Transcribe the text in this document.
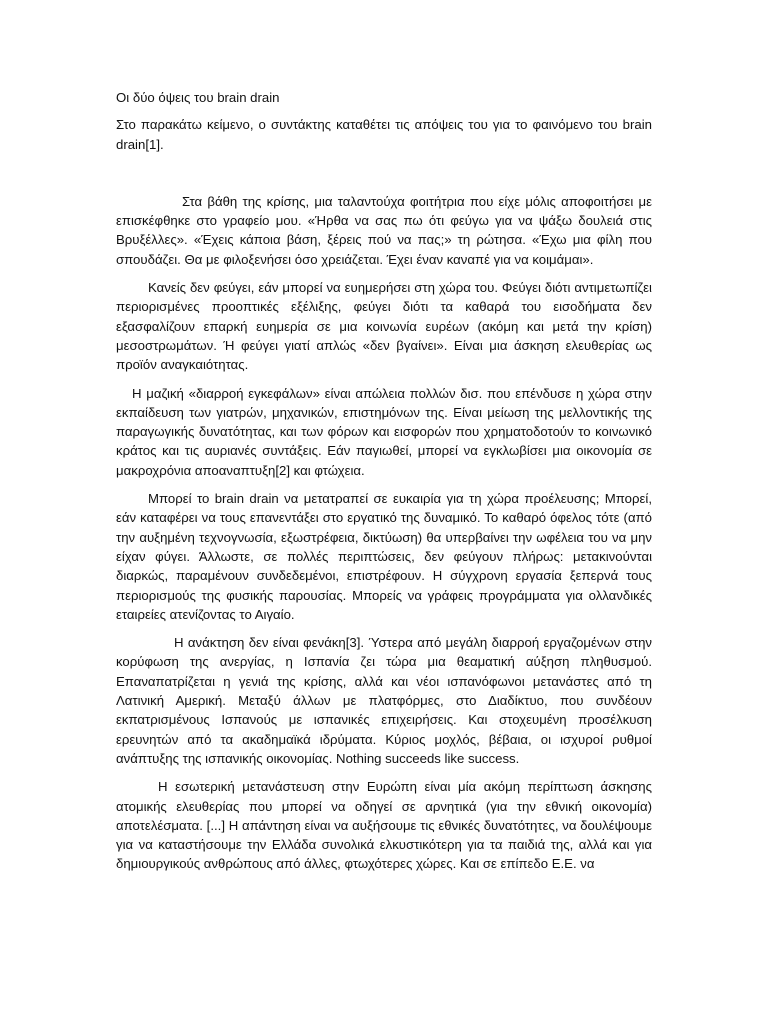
Οι δύο όψεις του brain drain

Στο παρακάτω κείμενο, ο συντάκτης καταθέτει τις απόψεις του για το φαινόμενο του brain drain[1].

Στα βάθη της κρίσης, μια ταλαντούχα φοιτήτρια που είχε μόλις αποφοιτήσει με επισκέφθηκε στο γραφείο μου. «Ήρθα να σας πω ότι φεύγω για να ψάξω δουλειά στις Βρυξέλλες». «Έχεις κάποια βάση, ξέρεις πού να πας;» τη ρώτησα. «Έχω μια φίλη που σπουδάζει. Θα με φιλοξενήσει όσο χρειάζεται. Έχει έναν καναπέ για να κοιμάμαι».

Κανείς δεν φεύγει, εάν μπορεί να ευημερήσει στη χώρα του. Φεύγει διότι αντιμετωπίζει περιορισμένες προοπτικές εξέλιξης, φεύγει διότι τα καθαρά του εισοδήματα δεν εξασφαλίζουν επαρκή ευημερία σε μια κοινωνία ευρέων (ακόμη και μετά την κρίση) μεσοστρωμάτων. Ή φεύγει γιατί απλώς «δεν βγαίνει». Είναι μια άσκηση ελευθερίας ως προϊόν αναγκαιότητας.

Η μαζική «διαρροή εγκεφάλων» είναι απώλεια πολλών δισ. που επένδυσε η χώρα στην εκπαίδευση των γιατρών, μηχανικών, επιστημόνων της. Είναι μείωση της μελλοντικής της παραγωγικής δυνατότητας, και των φόρων και εισφορών που χρηματοδοτούν το κοινωνικό κράτος και τις αυριανές συντάξεις. Εάν παγιωθεί, μπορεί να εγκλωβίσει μια οικονομία σε μακροχρόνια αποαναπτυξη[2] και φτώχεια.

Μπορεί το brain drain να μετατραπεί σε ευκαιρία για τη χώρα προέλευσης; Μπορεί, εάν καταφέρει να τους επανεντάξει στο εργατικό της δυναμικό. Το καθαρό όφελος τότε (από την αυξημένη τεχνογνωσία, εξωστρέφεια, δικτύωση) θα υπερβαίνει την ωφέλεια του να μην είχαν φύγει. Άλλωστε, σε πολλές περιπτώσεις, δεν φεύγουν πλήρως: μετακινούνται διαρκώς, παραμένουν συνδεδεμένοι, επιστρέφουν. Η σύγχρονη εργασία ξεπερνά τους περιορισμούς της φυσικής παρουσίας. Μπορείς να γράφεις προγράμματα για ολλανδικές εταιρείες ατενίζοντας το Αιγαίο.

Η ανάκτηση δεν είναι φενάκη[3]. Ύστερα από μεγάλη διαρροή εργαζομένων στην κορύφωση της ανεργίας, η Ισπανία ζει τώρα μια θεαματική αύξηση πληθυσμού. Επαναπατρίζεται η γενιά της κρίσης, αλλά και νέοι ισπανόφωνοι μετανάστες από τη Λατινική Αμερική. Μεταξύ άλλων με πλατφόρμες, στο Διαδίκτυο, που συνδέουν εκπατρισμένους Ισπανούς με ισπανικές επιχειρήσεις. Και στοχευμένη προσέλκυση ερευνητών από τα ακαδημαϊκά ιδρύματα. Κύριος μοχλός, βέβαια, οι ισχυροί ρυθμοί ανάπτυξης της ισπανικής οικονομίας. Nothing succeeds like success.

Η εσωτερική μετανάστευση στην Ευρώπη είναι μία ακόμη περίπτωση άσκησης ατομικής ελευθερίας που μπορεί να οδηγεί σε αρνητικά (για την εθνική οικονομία) αποτελέσματα. [...] Η απάντηση είναι να αυξήσουμε τις εθνικές δυνατότητες, να δουλέψουμε για να καταστήσουμε την Ελλάδα συνολικά ελκυστικότερη για τα παιδιά της, αλλά και για δημιουργικούς ανθρώπους από άλλες, φτωχότερες χώρες. Και σε επίπεδο Ε.Ε. να
